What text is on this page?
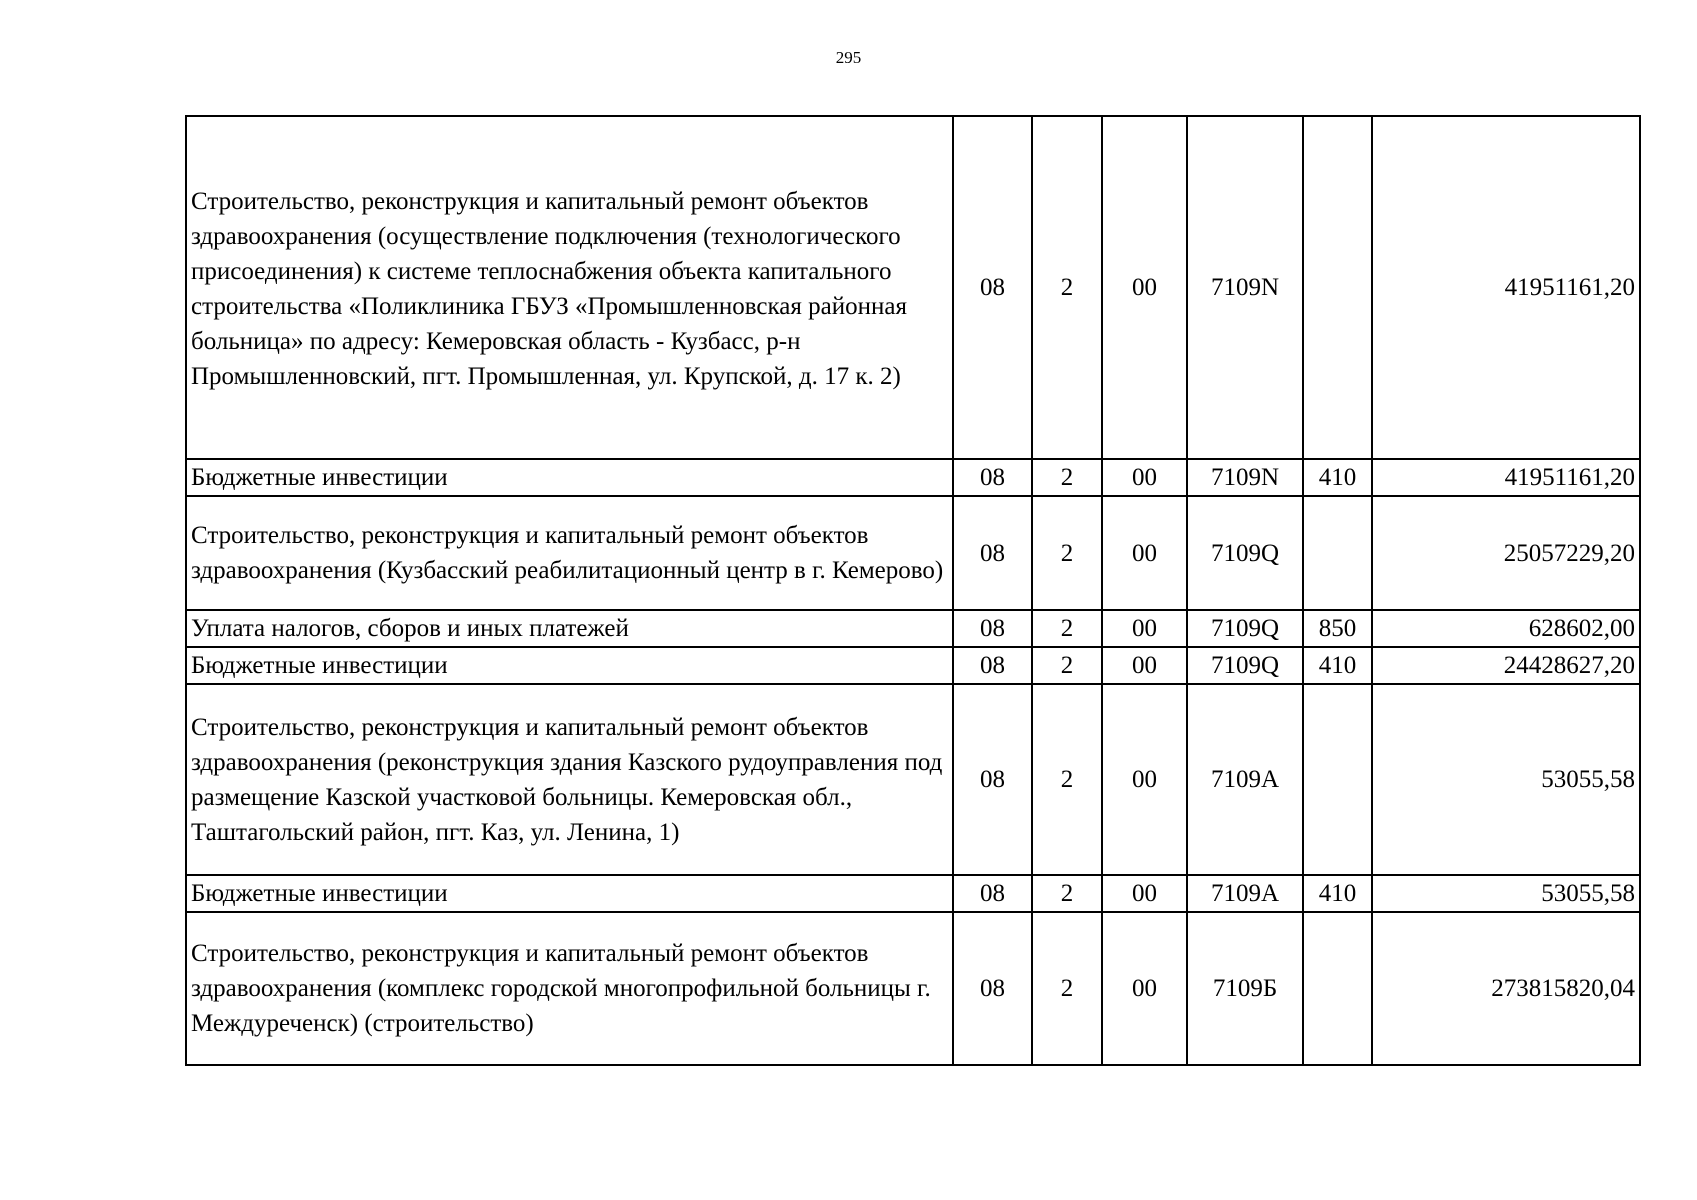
295
Строительство, реконструкция и капитальный ремонт объектов здравоохранения (осуществление подключения (технологического присоединения) к системе теплоснабжения объекта капитального строительства «Поликлиника ГБУЗ «Промышленновская районная больница» по адресу: Кемеровская область - Кузбасс, р-н Промышленновский, пгт. Промышленная, ул. Крупской, д. 17 к. 2)	08	2	00	7109N		41951161,20
Бюджетные инвестиции	08	2	00	7109N	410	41951161,20
Строительство, реконструкция и капитальный ремонт объектов здравоохранения (Кузбасский реабилитационный центр в г. Кемерово)	08	2	00	7109Q		25057229,20
Уплата налогов, сборов и иных платежей	08	2	00	7109Q	850	628602,00
Бюджетные инвестиции	08	2	00	7109Q	410	24428627,20
Строительство, реконструкция и капитальный ремонт объектов здравоохранения (реконструкция здания Казского рудоуправления под размещение Казской участковой больницы. Кемеровская обл., Таштагольский район, пгт. Каз, ул. Ленина, 1)	08	2	00	7109A		53055,58
Бюджетные инвестиции	08	2	00	7109A	410	53055,58
Строительство, реконструкция и капитальный ремонт объектов здравоохранения (комплекс городской многопрофильной больницы г. Междуреченск) (строительство)	08	2	00	7109Б		273815820,04
